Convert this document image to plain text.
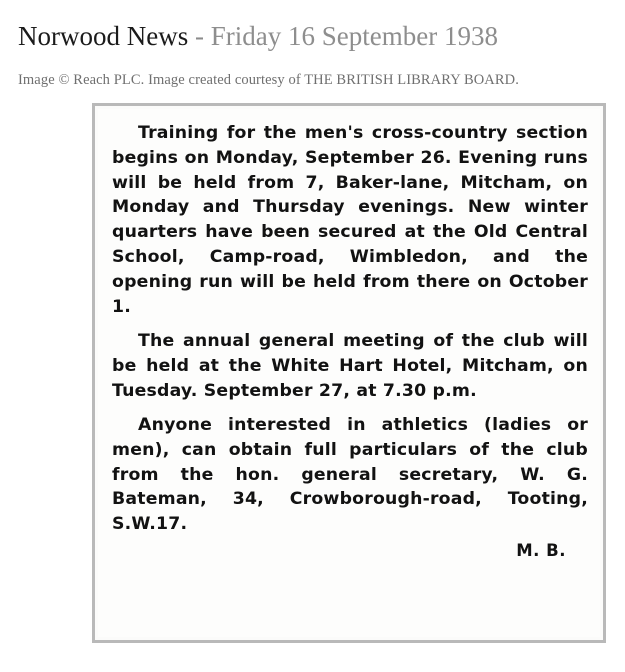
Norwood News - Friday 16 September 1938
Image © Reach PLC. Image created courtesy of THE BRITISH LIBRARY BOARD.

Training for the men's cross-country section begins on Monday, September 26. Evening runs will be held from 7, Baker-lane, Mitcham, on Monday and Thursday evenings. New winter quarters have been secured at the Old Central School, Camp-road, Wimbledon, and the opening run will be held from there on October 1.

The annual general meeting of the club will be held at the White Hart Hotel, Mitcham, on Tuesday. September 27, at 7.30 p.m.

Anyone interested in athletics (ladies or men), can obtain full particulars of the club from the hon. general secretary, W. G. Bateman, 34, Crowborough-road, Tooting, S.W.17.

M. B.
